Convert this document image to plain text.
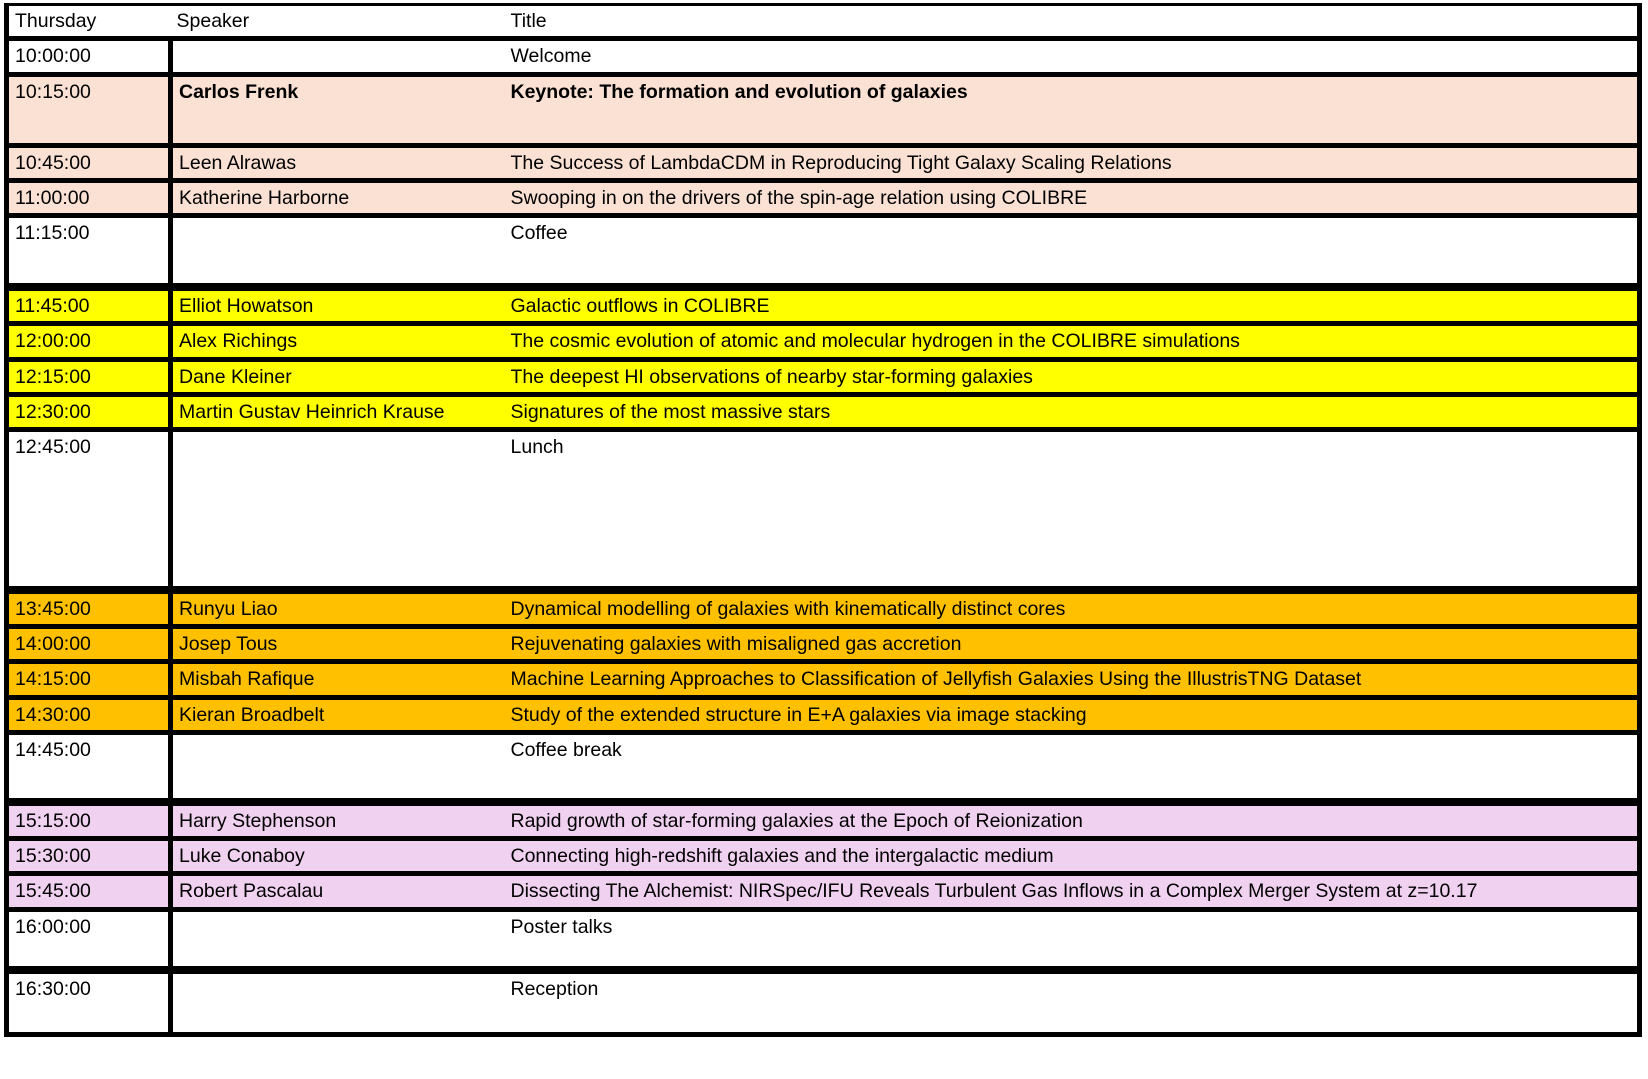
Thursday	Speaker	Title
10:00:00		Welcome
10:15:00	Carlos Frenk	Keynote: The formation and evolution of galaxies
10:45:00	Leen Alrawas	The Success of LambdaCDM in Reproducing Tight Galaxy Scaling Relations
11:00:00	Katherine Harborne	Swooping in on the drivers of the spin-age relation using COLIBRE
11:15:00		Coffee
11:45:00	Elliot Howatson	Galactic outflows in COLIBRE
12:00:00	Alex Richings	The cosmic evolution of atomic and molecular hydrogen in the COLIBRE simulations
12:15:00	Dane Kleiner	The deepest HI observations of nearby star-forming galaxies
12:30:00	Martin Gustav Heinrich Krause	Signatures of the most massive stars
12:45:00		Lunch
13:45:00	Runyu Liao	Dynamical modelling of galaxies with kinematically distinct cores
14:00:00	Josep Tous	Rejuvenating galaxies with misaligned gas accretion
14:15:00	Misbah Rafique	Machine Learning Approaches to Classification of Jellyfish Galaxies Using the IllustrisTNG Dataset
14:30:00	Kieran Broadbelt	Study of the extended structure in E+A galaxies via image stacking
14:45:00		Coffee break
15:15:00	Harry Stephenson	Rapid growth of star-forming galaxies at the Epoch of Reionization
15:30:00	Luke Conaboy	Connecting high-redshift galaxies and the intergalactic medium
15:45:00	Robert Pascalau	Dissecting The Alchemist: NIRSpec/IFU Reveals Turbulent Gas Inflows in a Complex Merger System at z=10.17
16:00:00		Poster talks
16:30:00		Reception
